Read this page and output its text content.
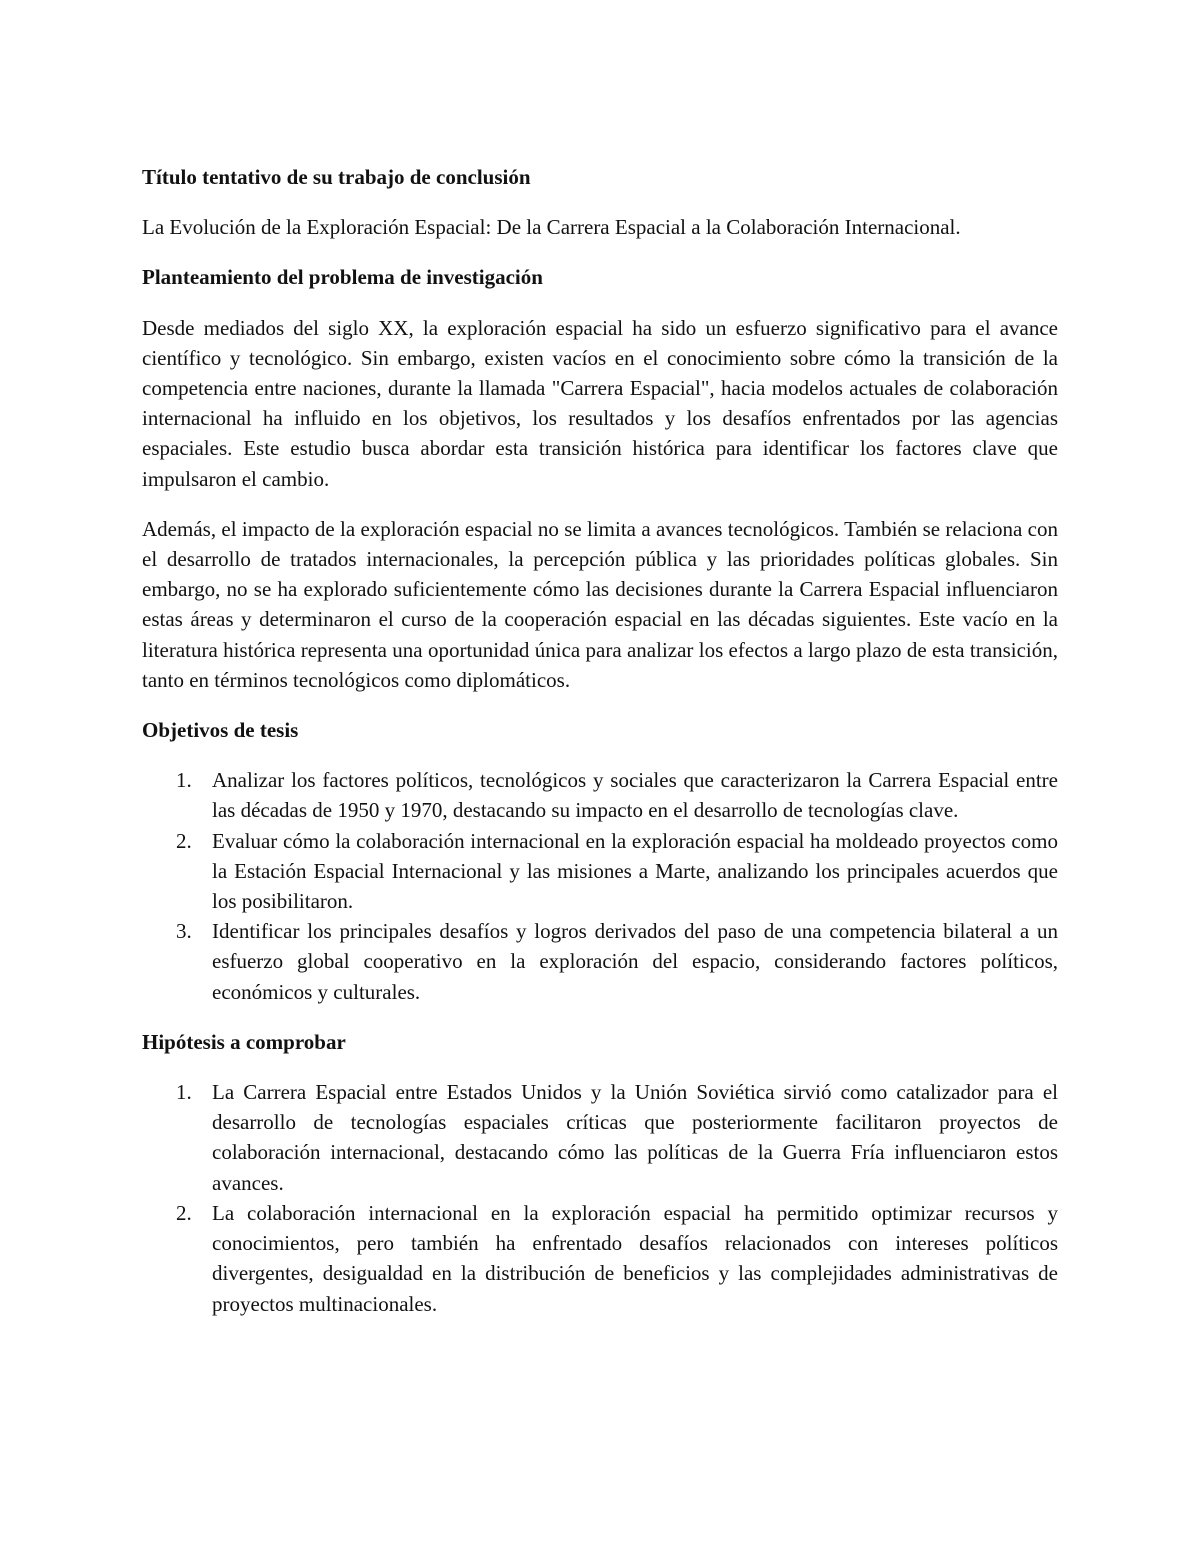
Título tentativo de su trabajo de conclusión
La Evolución de la Exploración Espacial: De la Carrera Espacial a la Colaboración Internacional.
Planteamiento del problema de investigación
Desde mediados del siglo XX, la exploración espacial ha sido un esfuerzo significativo para el avance científico y tecnológico. Sin embargo, existen vacíos en el conocimiento sobre cómo la transición de la competencia entre naciones, durante la llamada "Carrera Espacial", hacia modelos actuales de colaboración internacional ha influido en los objetivos, los resultados y los desafíos enfrentados por las agencias espaciales. Este estudio busca abordar esta transición histórica para identificar los factores clave que impulsaron el cambio.
Además, el impacto de la exploración espacial no se limita a avances tecnológicos. También se relaciona con el desarrollo de tratados internacionales, la percepción pública y las prioridades políticas globales. Sin embargo, no se ha explorado suficientemente cómo las decisiones durante la Carrera Espacial influenciaron estas áreas y determinaron el curso de la cooperación espacial en las décadas siguientes. Este vacío en la literatura histórica representa una oportunidad única para analizar los efectos a largo plazo de esta transición, tanto en términos tecnológicos como diplomáticos.
Objetivos de tesis
1. Analizar los factores políticos, tecnológicos y sociales que caracterizaron la Carrera Espacial entre las décadas de 1950 y 1970, destacando su impacto en el desarrollo de tecnologías clave.
2. Evaluar cómo la colaboración internacional en la exploración espacial ha moldeado proyectos como la Estación Espacial Internacional y las misiones a Marte, analizando los principales acuerdos que los posibilitaron.
3. Identificar los principales desafíos y logros derivados del paso de una competencia bilateral a un esfuerzo global cooperativo en la exploración del espacio, considerando factores políticos, económicos y culturales.
Hipótesis a comprobar
1. La Carrera Espacial entre Estados Unidos y la Unión Soviética sirvió como catalizador para el desarrollo de tecnologías espaciales críticas que posteriormente facilitaron proyectos de colaboración internacional, destacando cómo las políticas de la Guerra Fría influenciaron estos avances.
2. La colaboración internacional en la exploración espacial ha permitido optimizar recursos y conocimientos, pero también ha enfrentado desafíos relacionados con intereses políticos divergentes, desigualdad en la distribución de beneficios y las complejidades administrativas de proyectos multinacionales.
